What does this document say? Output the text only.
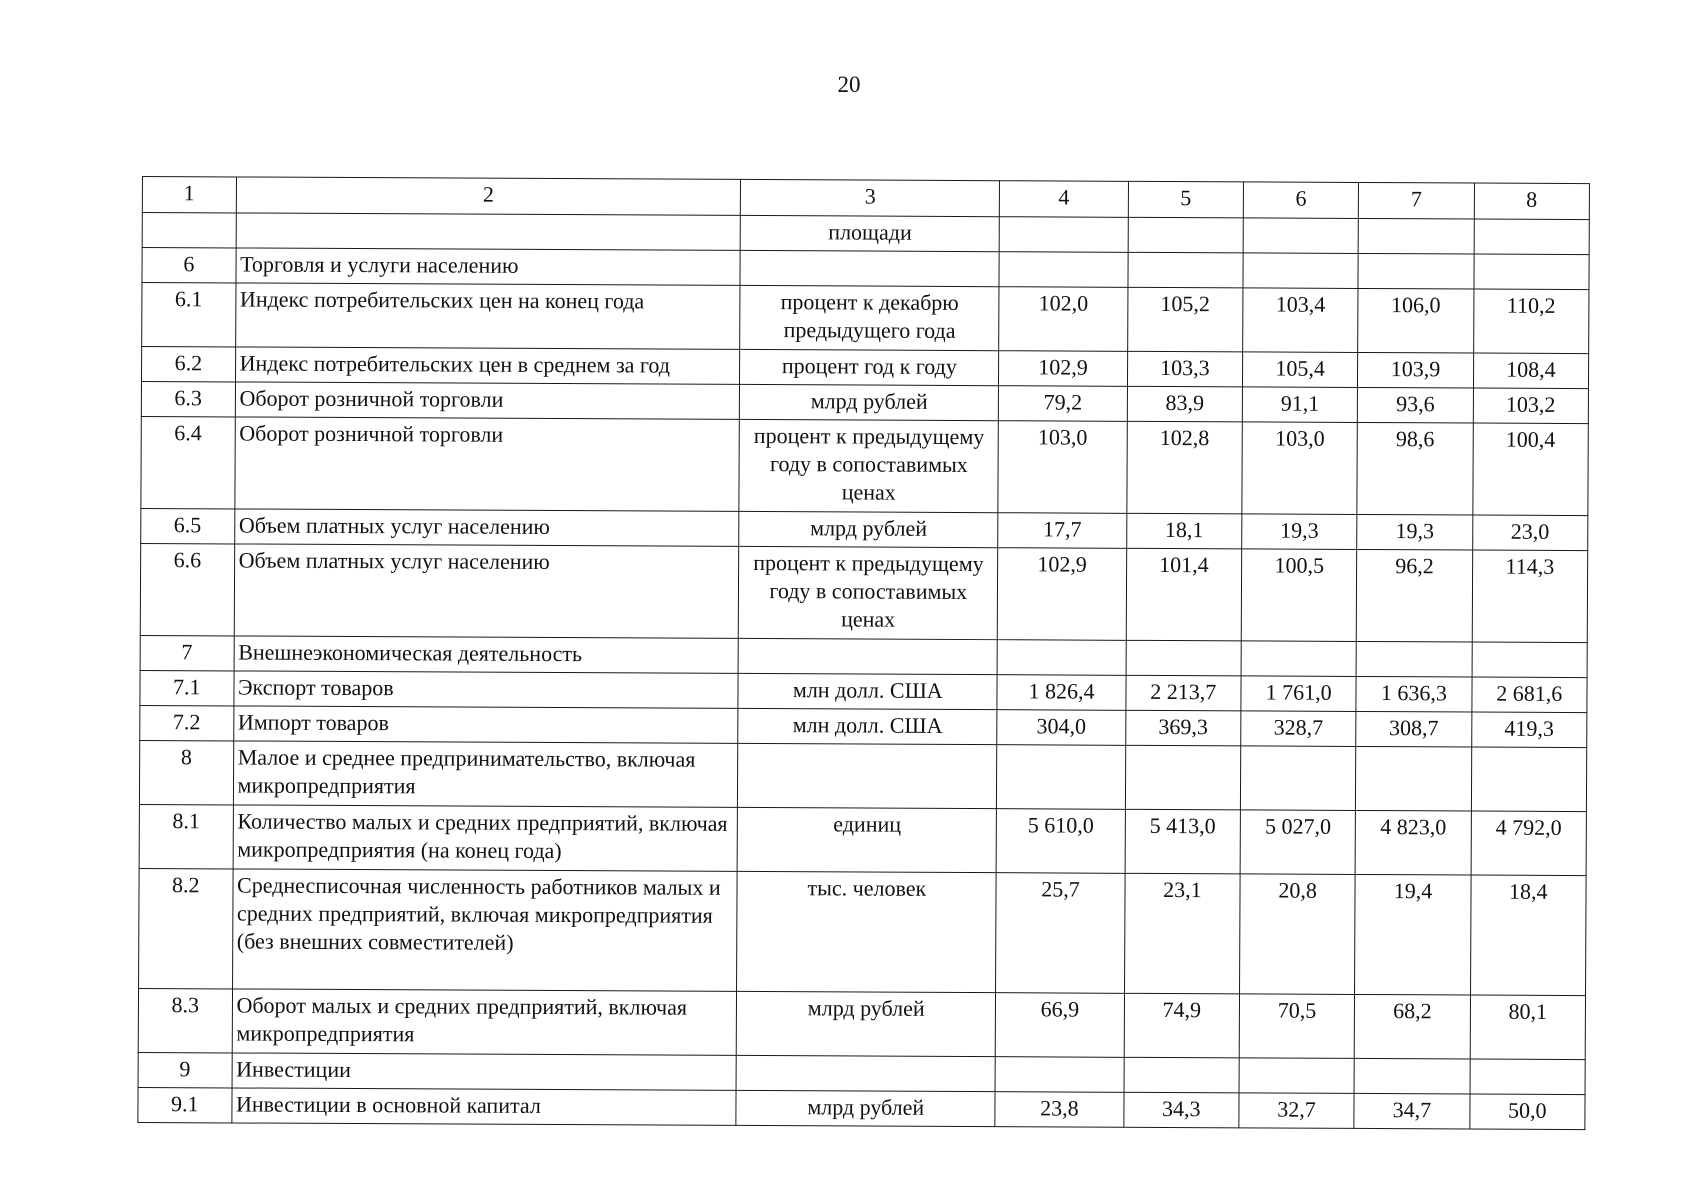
20
1	2	3	4	5	6	7	8
		площади					
6	Торговля и услуги населению						
6.1	Индекс потребительских цен на конец года	процент к декабрю предыдущего года	102,0	105,2	103,4	106,0	110,2
6.2	Индекс потребительских цен в среднем за год	процент год к году	102,9	103,3	105,4	103,9	108,4
6.3	Оборот розничной торговли	млрд рублей	79,2	83,9	91,1	93,6	103,2
6.4	Оборот розничной торговли	процент к предыдущему году в сопоставимых ценах	103,0	102,8	103,0	98,6	100,4
6.5	Объем платных услуг населению	млрд рублей	17,7	18,1	19,3	19,3	23,0
6.6	Объем платных услуг населению	процент к предыдущему году в сопоставимых ценах	102,9	101,4	100,5	96,2	114,3
7	Внешнеэкономическая деятельность						
7.1	Экспорт товаров	млн долл. США	1 826,4	2 213,7	1 761,0	1 636,3	2 681,6
7.2	Импорт товаров	млн долл. США	304,0	369,3	328,7	308,7	419,3
8	Малое и среднее предпринимательство, включая микропредприятия						
8.1	Количество малых и средних предприятий, включая микропредприятия (на конец года)	единиц	5 610,0	5 413,0	5 027,0	4 823,0	4 792,0
8.2	Среднесписочная численность работников малых и средних предприятий, включая микропредприятия (без внешних совместителей)	тыс. человек	25,7	23,1	20,8	19,4	18,4
8.3	Оборот малых и средних предприятий, включая микропредприятия	млрд рублей	66,9	74,9	70,5	68,2	80,1
9	Инвестиции						
9.1	Инвестиции в основной капитал	млрд рублей	23,8	34,3	32,7	34,7	50,0
